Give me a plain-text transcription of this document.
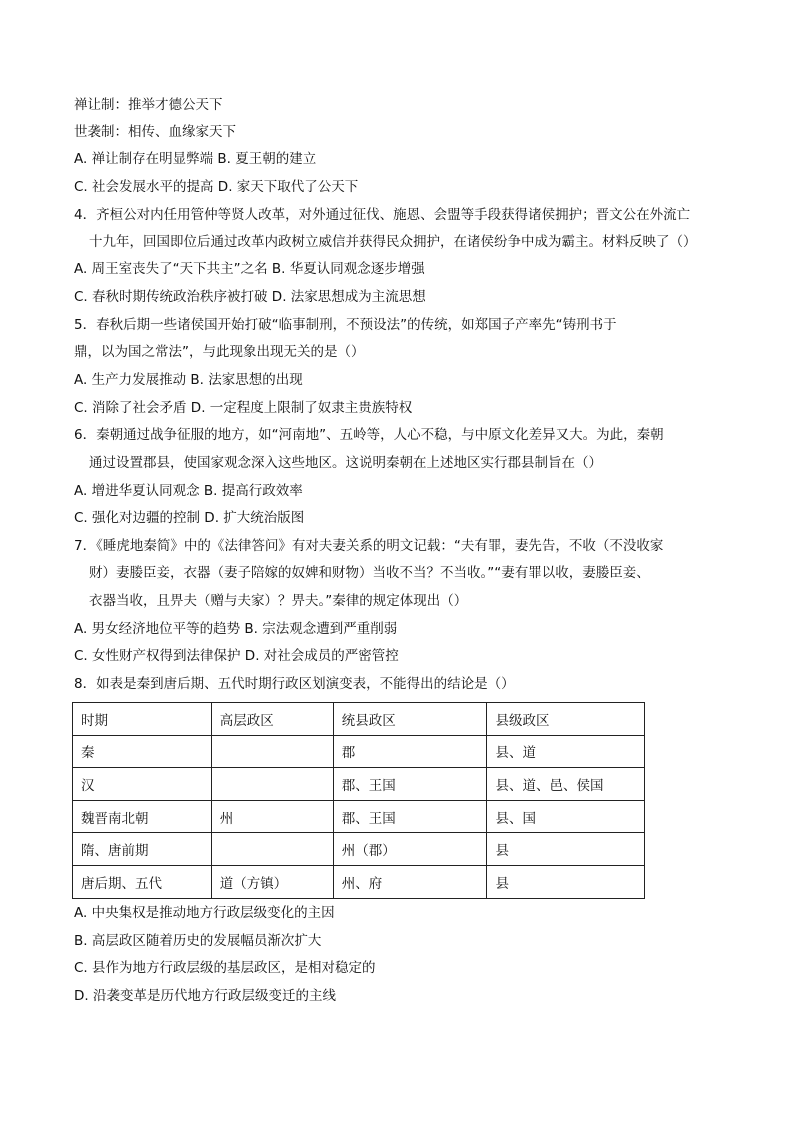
禅让制：推举才德公天下
世袭制：相传、血缘家天下
A. 禅让制存在明显弊端 B. 夏王朝的建立
C. 社会发展水平的提高 D. 家天下取代了公天下
4．齐桓公对内任用管仲等贤人改革，对外通过征伐、施恩、会盟等手段获得诸侯拥护；晋文公在外流亡
十九年，回国即位后通过改革内政树立威信并获得民众拥护，在诸侯纷争中成为霸主。材料反映了（）
A. 周王室丧失了“天下共主”之名 B. 华夏认同观念逐步增强
C. 春秋时期传统政治秩序被打破 D. 法家思想成为主流思想
5．春秋后期一些诸侯国开始打破“临事制刑，不预设法”的传统，如郑国子产率先“铸刑书于
鼎，以为国之常法”，与此现象出现无关的是（）
A. 生产力发展推动 B. 法家思想的出现
C. 消除了社会矛盾 D. 一定程度上限制了奴隶主贵族特权
6．秦朝通过战争征服的地方，如“河南地”、五岭等，人心不稳，与中原文化差异又大。为此，秦朝
通过设置郡县，使国家观念深入这些地区。这说明秦朝在上述地区实行郡县制旨在（）
A. 增进华夏认同观念 B. 提高行政效率
C. 强化对边疆的控制 D. 扩大统治版图
7．《睡虎地秦简》中的《法律答问》有对夫妻关系的明文记载：“夫有罪，妻先告，不收（不没收家
财）妻媵臣妾，衣器（妻子陪嫁的奴婢和财物）当收不当？不当收。”“妻有罪以收，妻媵臣妾、
衣器当收，且畀夫（赠与夫家）？畀夫。”秦律的规定体现出（）
A. 男女经济地位平等的趋势 B. 宗法观念遭到严重削弱
C. 女性财产权得到法律保护 D. 对社会成员的严密管控
8．如表是秦到唐后期、五代时期行政区划演变表，不能得出的结论是（）
时期	高层政区	统县政区	县级政区
秦		郡	县、道
汉		郡、王国	县、道、邑、侯国
魏晋南北朝	州	郡、王国	县、国
隋、唐前期		州（郡）	县
唐后期、五代	道（方镇）	州、府	县
A. 中央集权是推动地方行政层级变化的主因
B. 高层政区随着历史的发展幅员渐次扩大
C. 县作为地方行政层级的基层政区，是相对稳定的
D. 沿袭变革是历代地方行政层级变迁的主线
